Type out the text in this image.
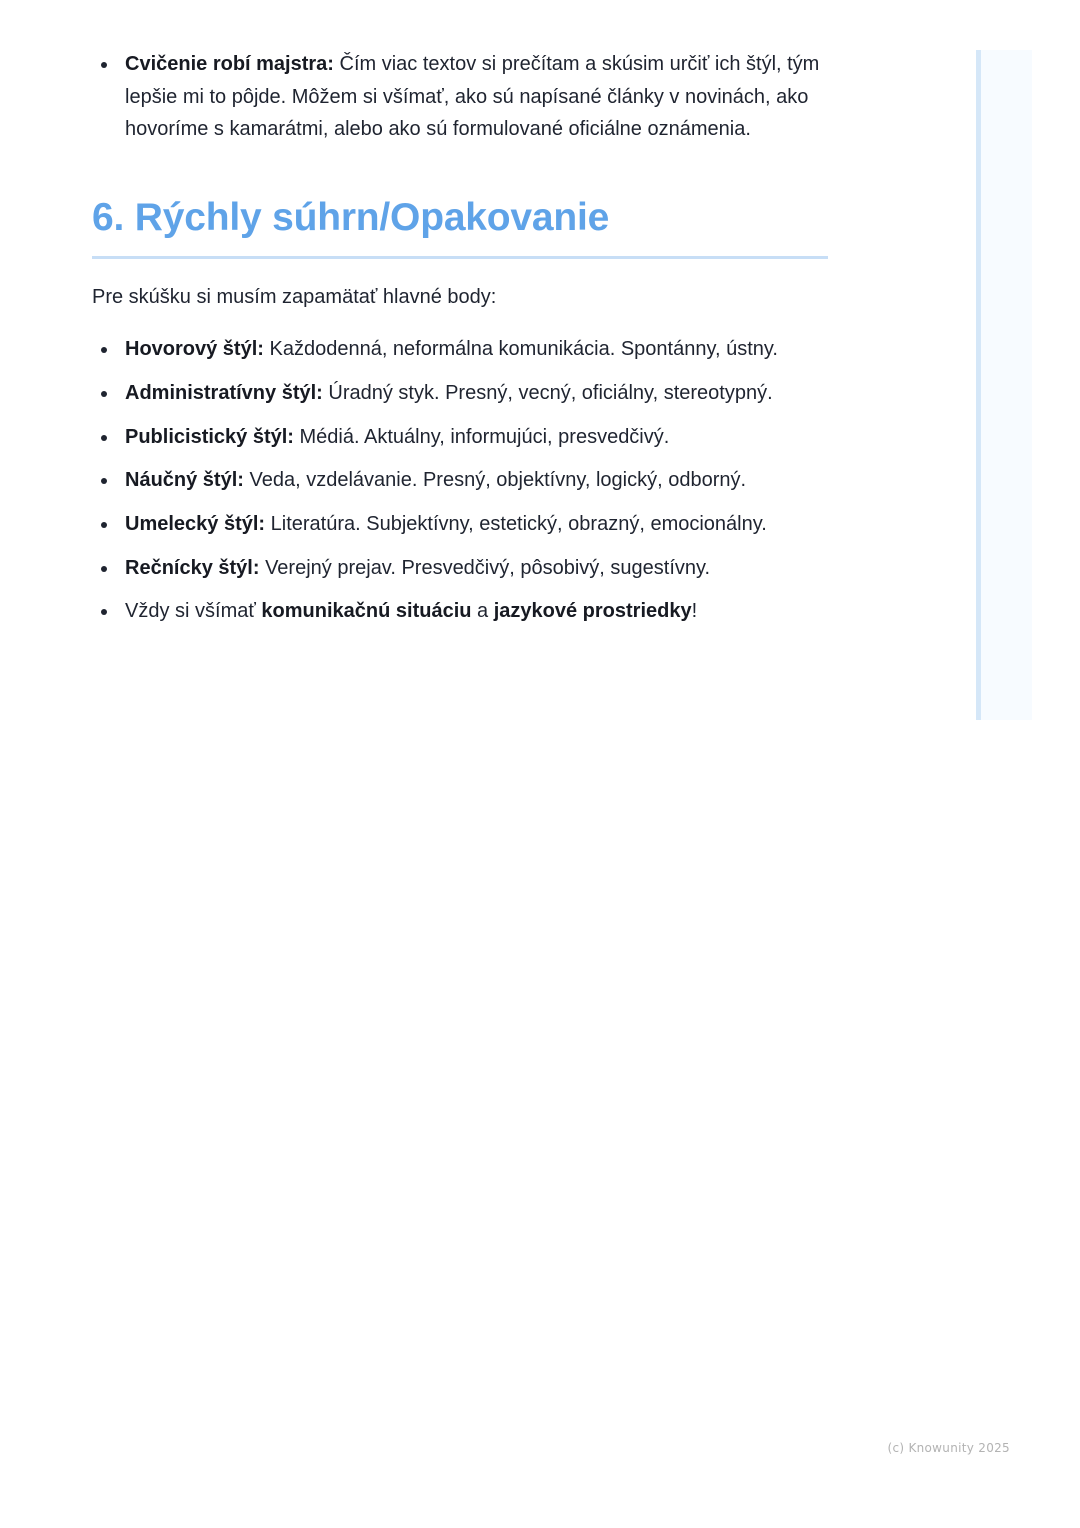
Cvičenie robí majstra: Čím viac textov si prečítam a skúsim určiť ich štýl, tým lepšie mi to pôjde. Môžem si všímať, ako sú napísané články v novinách, ako hovoríme s kamarátmi, alebo ako sú formulované oficiálne oznámenia.
6. Rýchly súhrn/Opakovanie

Pre skúšku si musím zapamätať hlavné body:

Hovorový štýl: Každodenná, neformálna komunikácia. Spontánny, ústny.
Administratívny štýl: Úradný styk. Presný, vecný, oficiálny, stereotypný.
Publicistický štýl: Médiá. Aktuálny, informujúci, presvedčivý.
Náučný štýl: Veda, vzdelávanie. Presný, objektívny, logický, odborný.
Umelecký štýl: Literatúra. Subjektívny, estetický, obrazný, emocionálny.
Rečnícky štýl: Verejný prejav. Presvedčivý, pôsobivý, sugestívny.
Vždy si všímať komunikačnú situáciu a jazykové prostriedky!
(c) Knowunity 2025
